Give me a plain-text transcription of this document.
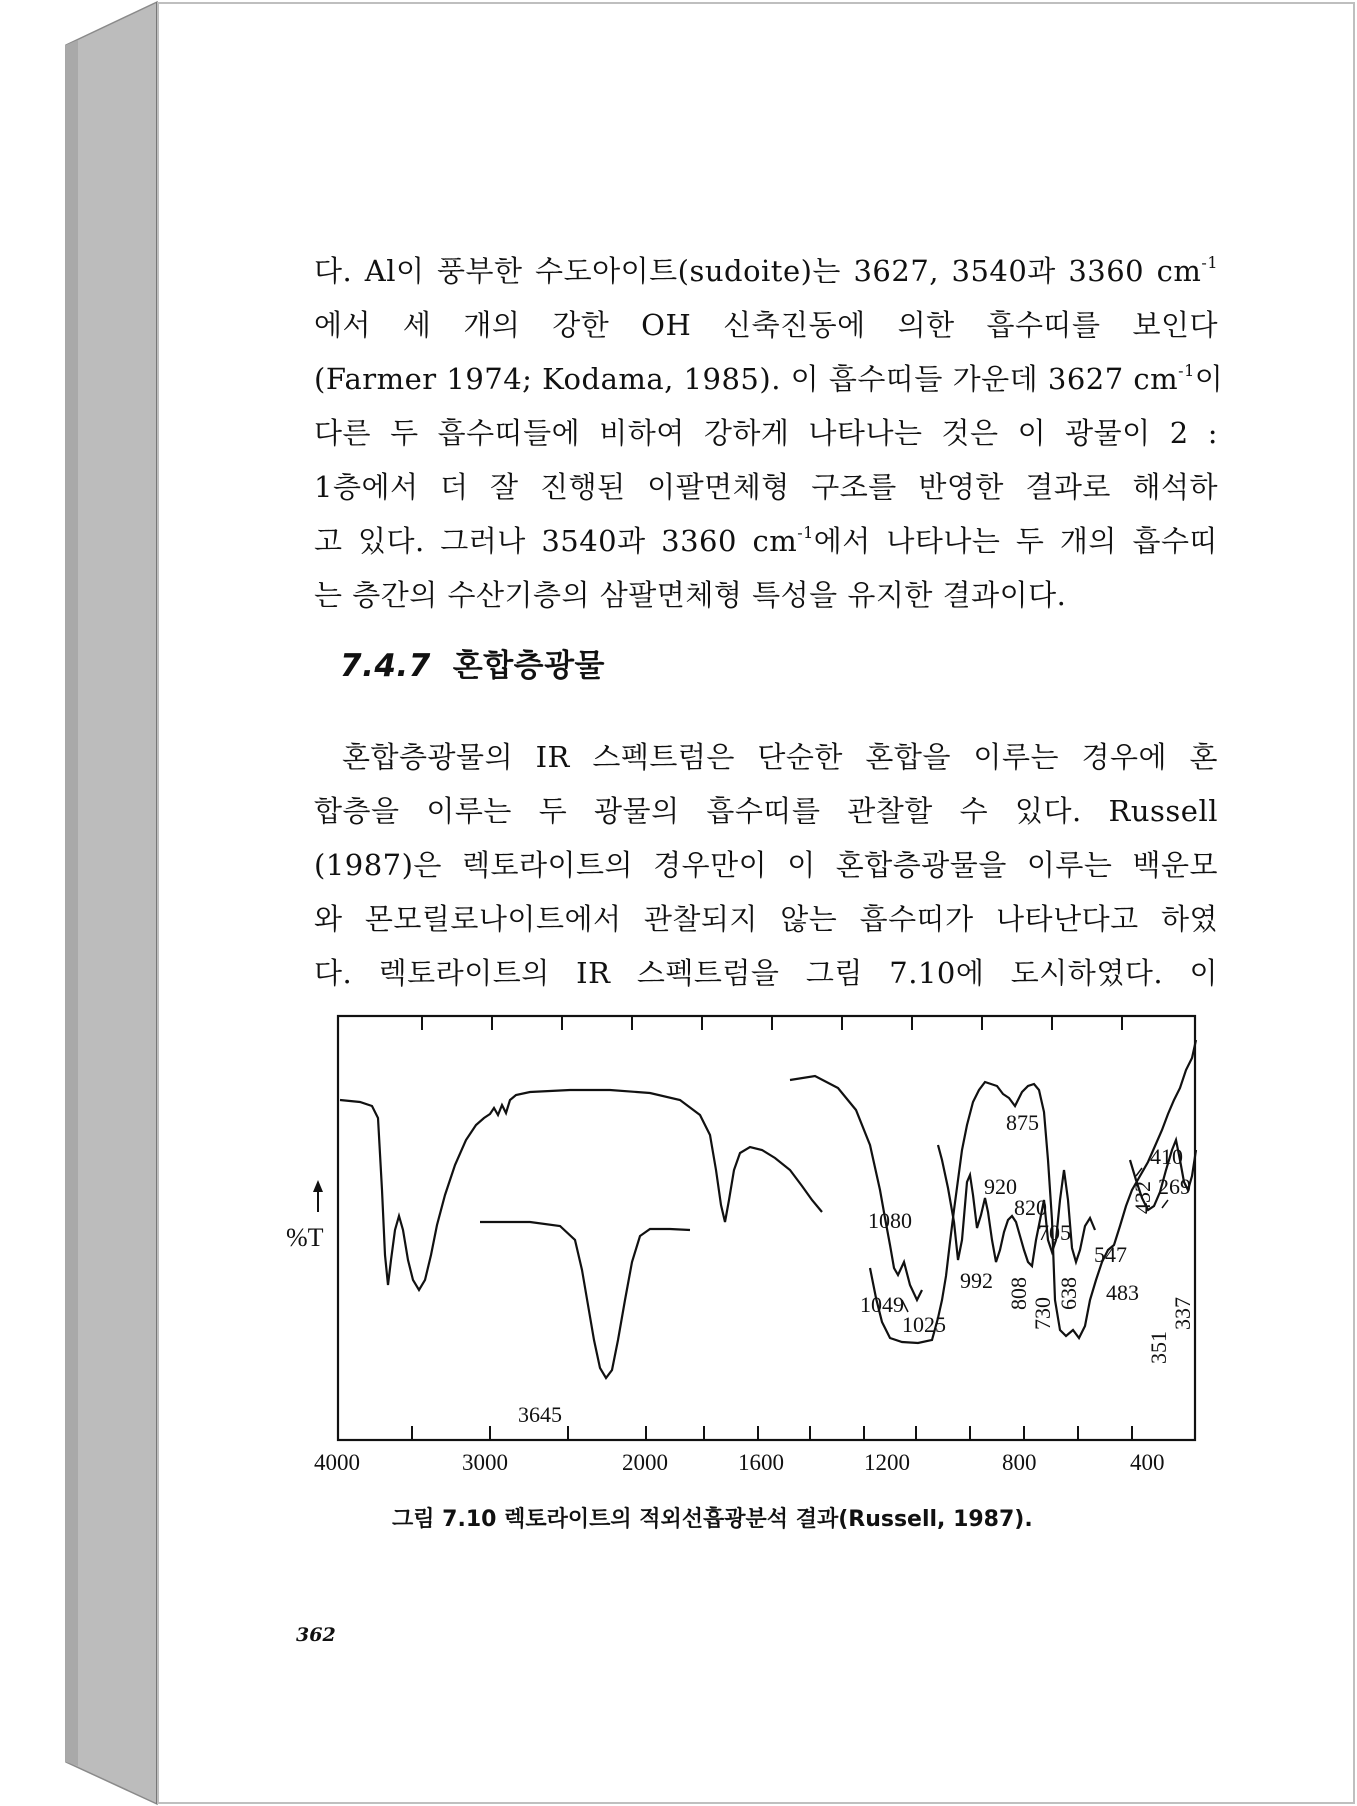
다. Al이 풍부한 수도아이트(sudoite)는 3627, 3540과 3360 $cm^{-1}$
에서 세 개의 강한 OH 신축진동에 의한 흡수띠를 보인다
(Farmer 1974; Kodama, 1985). 이 흡수띠들 가운데 3627 $cm^{-1}$이
다른 두 흡수띠들에 비하여 강하게 나타나는 것은 이 광물이 2 :
1층에서 더 잘 진행된 이팔면체형 구조를 반영한 결과로 해석하
고 있다. 그러나 3540과 3360 $cm^{-1}$에서 나타나는 두 개의 흡수띠
는 층간의 수산기층의 삼팔면체형 특성을 유지한 결과이다.
7.4.7 혼합층광물
혼합층광물의 IR 스펙트럼은 단순한 혼합을 이루는 경우에 혼
합층을 이루는 두 광물의 흡수띠를 관찰할 수 있다. Russell
(1987)은 렉토라이트의 경우만이 이 혼합층광물을 이루는 백운모
와 몬모릴로나이트에서 관찰되지 않는 흡수띠가 나타난다고 하였
다. 렉토라이트의 IR 스펙트럼을 그림 7.10에 도시하였다. 이
4000	3000	2000	1600	1200	800	400
%T
3645
1080
1049
1025
992
920
875
820
808
730
705
638
547
483
432
410
351
337
269
그림 7.10 렉토라이트의 적외선흡광분석 결과(Russell, 1987).
362
